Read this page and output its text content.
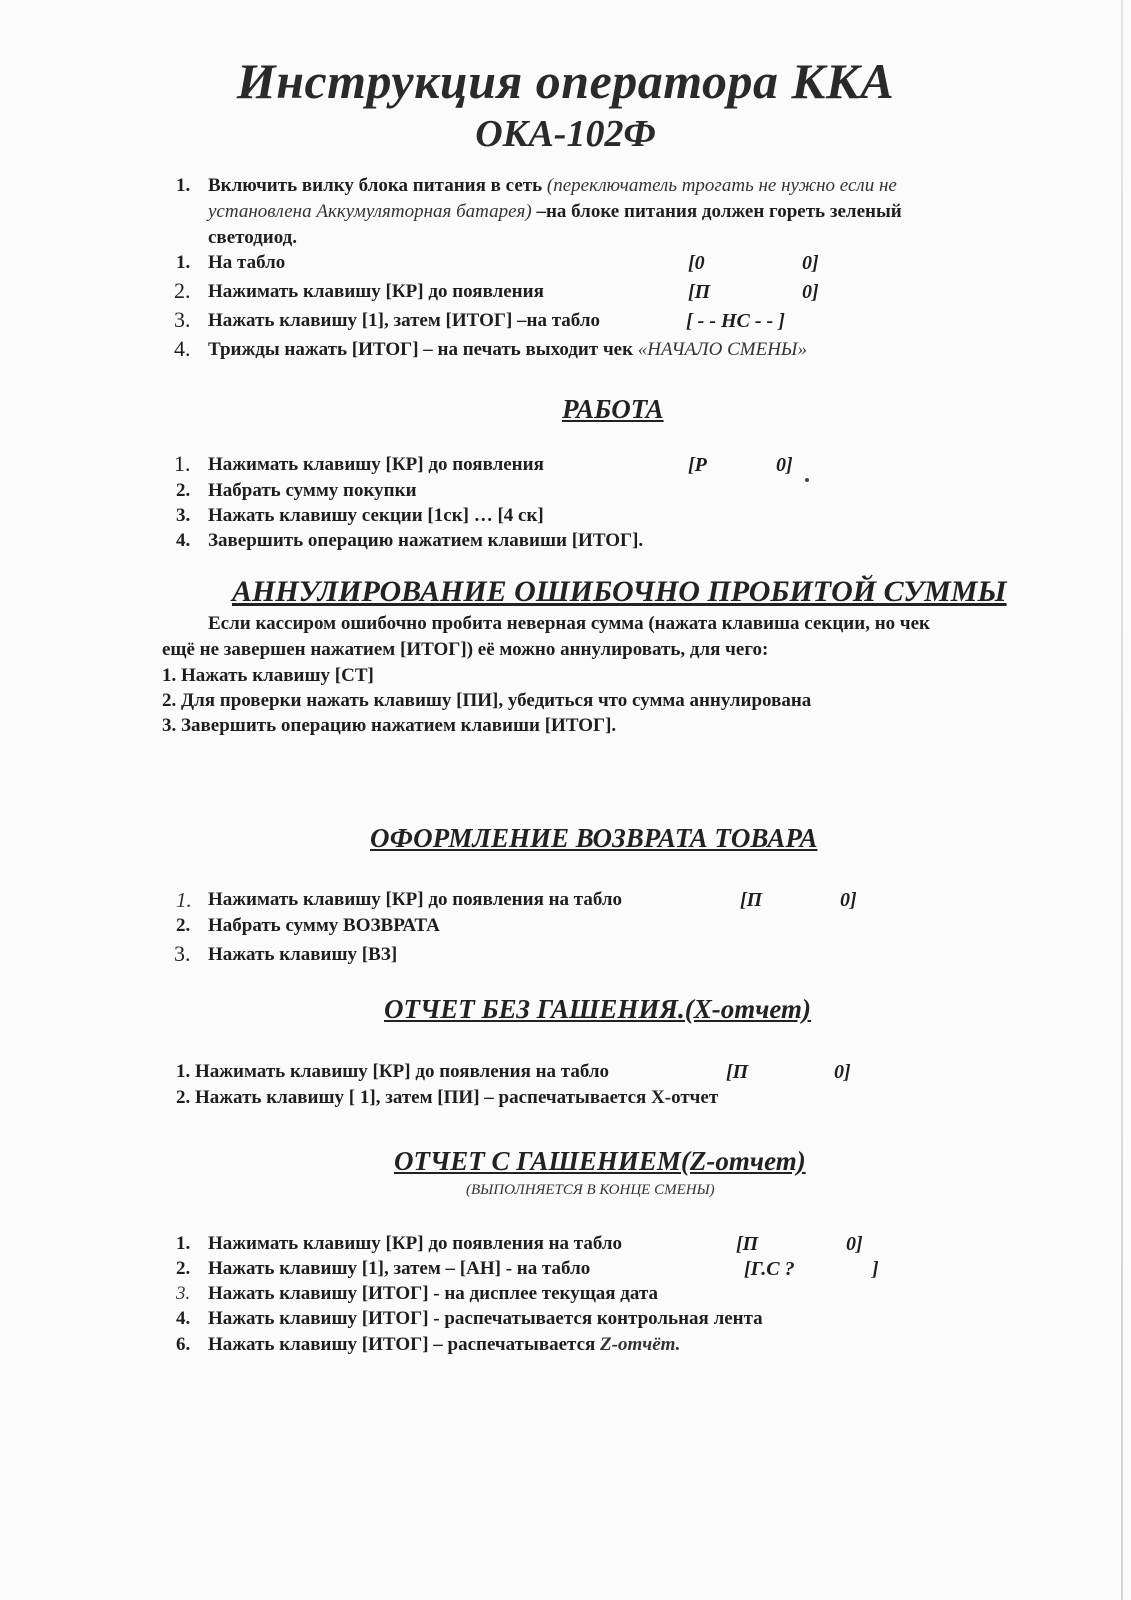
Инструкция оператора ККА
ОКА-102Ф
1. Включить вилку блока питания в сеть (переключатель трогать не нужно если не
установлена Аккумуляторная батарея) –на блоке питания должен гореть зеленый
светодиод.
1. На табло	[0	0]
2. Нажимать клавишу [КР] до появления	[П	0]
3. Нажать клавишу [1], затем [ИТОГ] –на табло	[ - - НС - - ]
4. Трижды нажать [ИТОГ] – на печать выходит чек «НАЧАЛО СМЕНЫ»
РАБОТА
1. Нажимать клавишу [КР] до появления	[Р	0]
2. Набрать сумму покупки
3. Нажать клавишу секции [1ск] … [4 ск]
4. Завершить операцию нажатием клавиши [ИТОГ].
АННУЛИРОВАНИЕ ОШИБОЧНО ПРОБИТОЙ СУММЫ
Если кассиром ошибочно пробита неверная сумма (нажата клавиша секции, но чек
ещё не завершен нажатием [ИТОГ]) её можно аннулировать, для чего:
1. Нажать клавишу [СТ]
2. Для проверки нажать клавишу [ПИ], убедиться что сумма аннулирована
3. Завершить операцию нажатием клавиши [ИТОГ].
ОФОРМЛЕНИЕ ВОЗВРАТА ТОВАРА
1. Нажимать клавишу [КР] до появления на табло	[П	0]
2. Набрать сумму ВОЗВРАТА
3. Нажать клавишу [ВЗ]
ОТЧЕТ БЕЗ ГАШЕНИЯ.(Х-отчет)
1. Нажимать клавишу [КР] до появления на табло	[П	0]
2. Нажать клавишу [ 1], затем [ПИ] – распечатывается Х-отчет
ОТЧЕТ С ГАШЕНИЕМ(Z-отчет)
(ВЫПОЛНЯЕТСЯ В КОНЦЕ СМЕНЫ)
1. Нажимать клавишу [КР] до появления на табло	[П	0]
2. Нажать клавишу [1], затем – [АН] - на табло	[Г.С ?	]
3. Нажать клавишу [ИТОГ] - на дисплее текущая дата
4. Нажать клавишу [ИТОГ] - распечатывается контрольная лента
6. Нажать клавишу [ИТОГ] – распечатывается Z-отчёт.
